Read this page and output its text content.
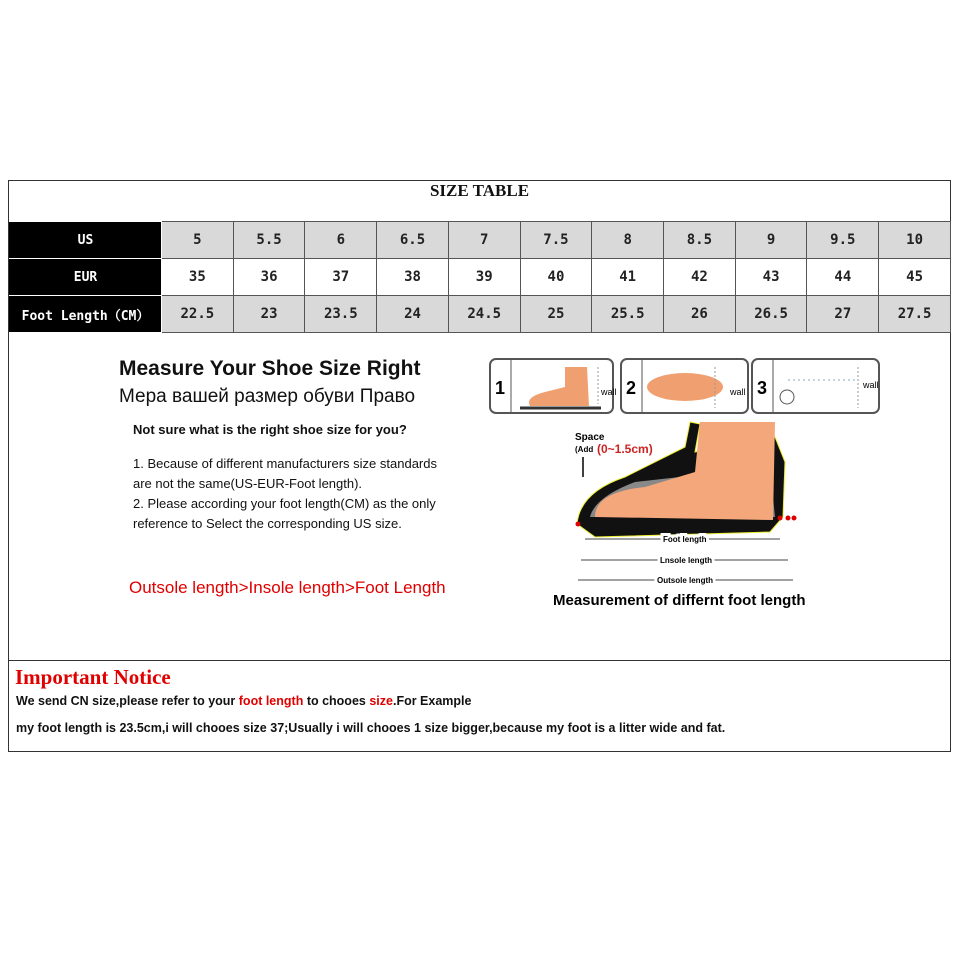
SIZE TABLE
US	5	5.5	6	6.5	7	7.5	8	8.5	9	9.5	10
EUR	35	36	37	38	39	40	41	42	43	44	45
Foot Length（CM）	22.5	23	23.5	24	24.5	25	25.5	26	26.5	27	27.5
Measure Your Shoe Size Right
Мера вашей размер обуви Право
Not sure what is the right shoe size for you?
1. Because of different manufacturers size standards
are not the same(US-EUR-Foot length).
2. Please according your foot length(CM) as the only
reference to Select the corresponding US size.
Outsole length>Insole length>Foot Length
1	2	3
wall	wall
wall
Space
(Add (0~1.5cm)
Foot length
Lnsole length
Outsole length
Measurement of differnt foot length
Important Notice
We send CN size,please refer to your foot length to chooes size.For Example
my foot length is 23.5cm,i will chooes size 37;Usually i will chooes 1 size bigger,because my foot is a litter wide and fat.
